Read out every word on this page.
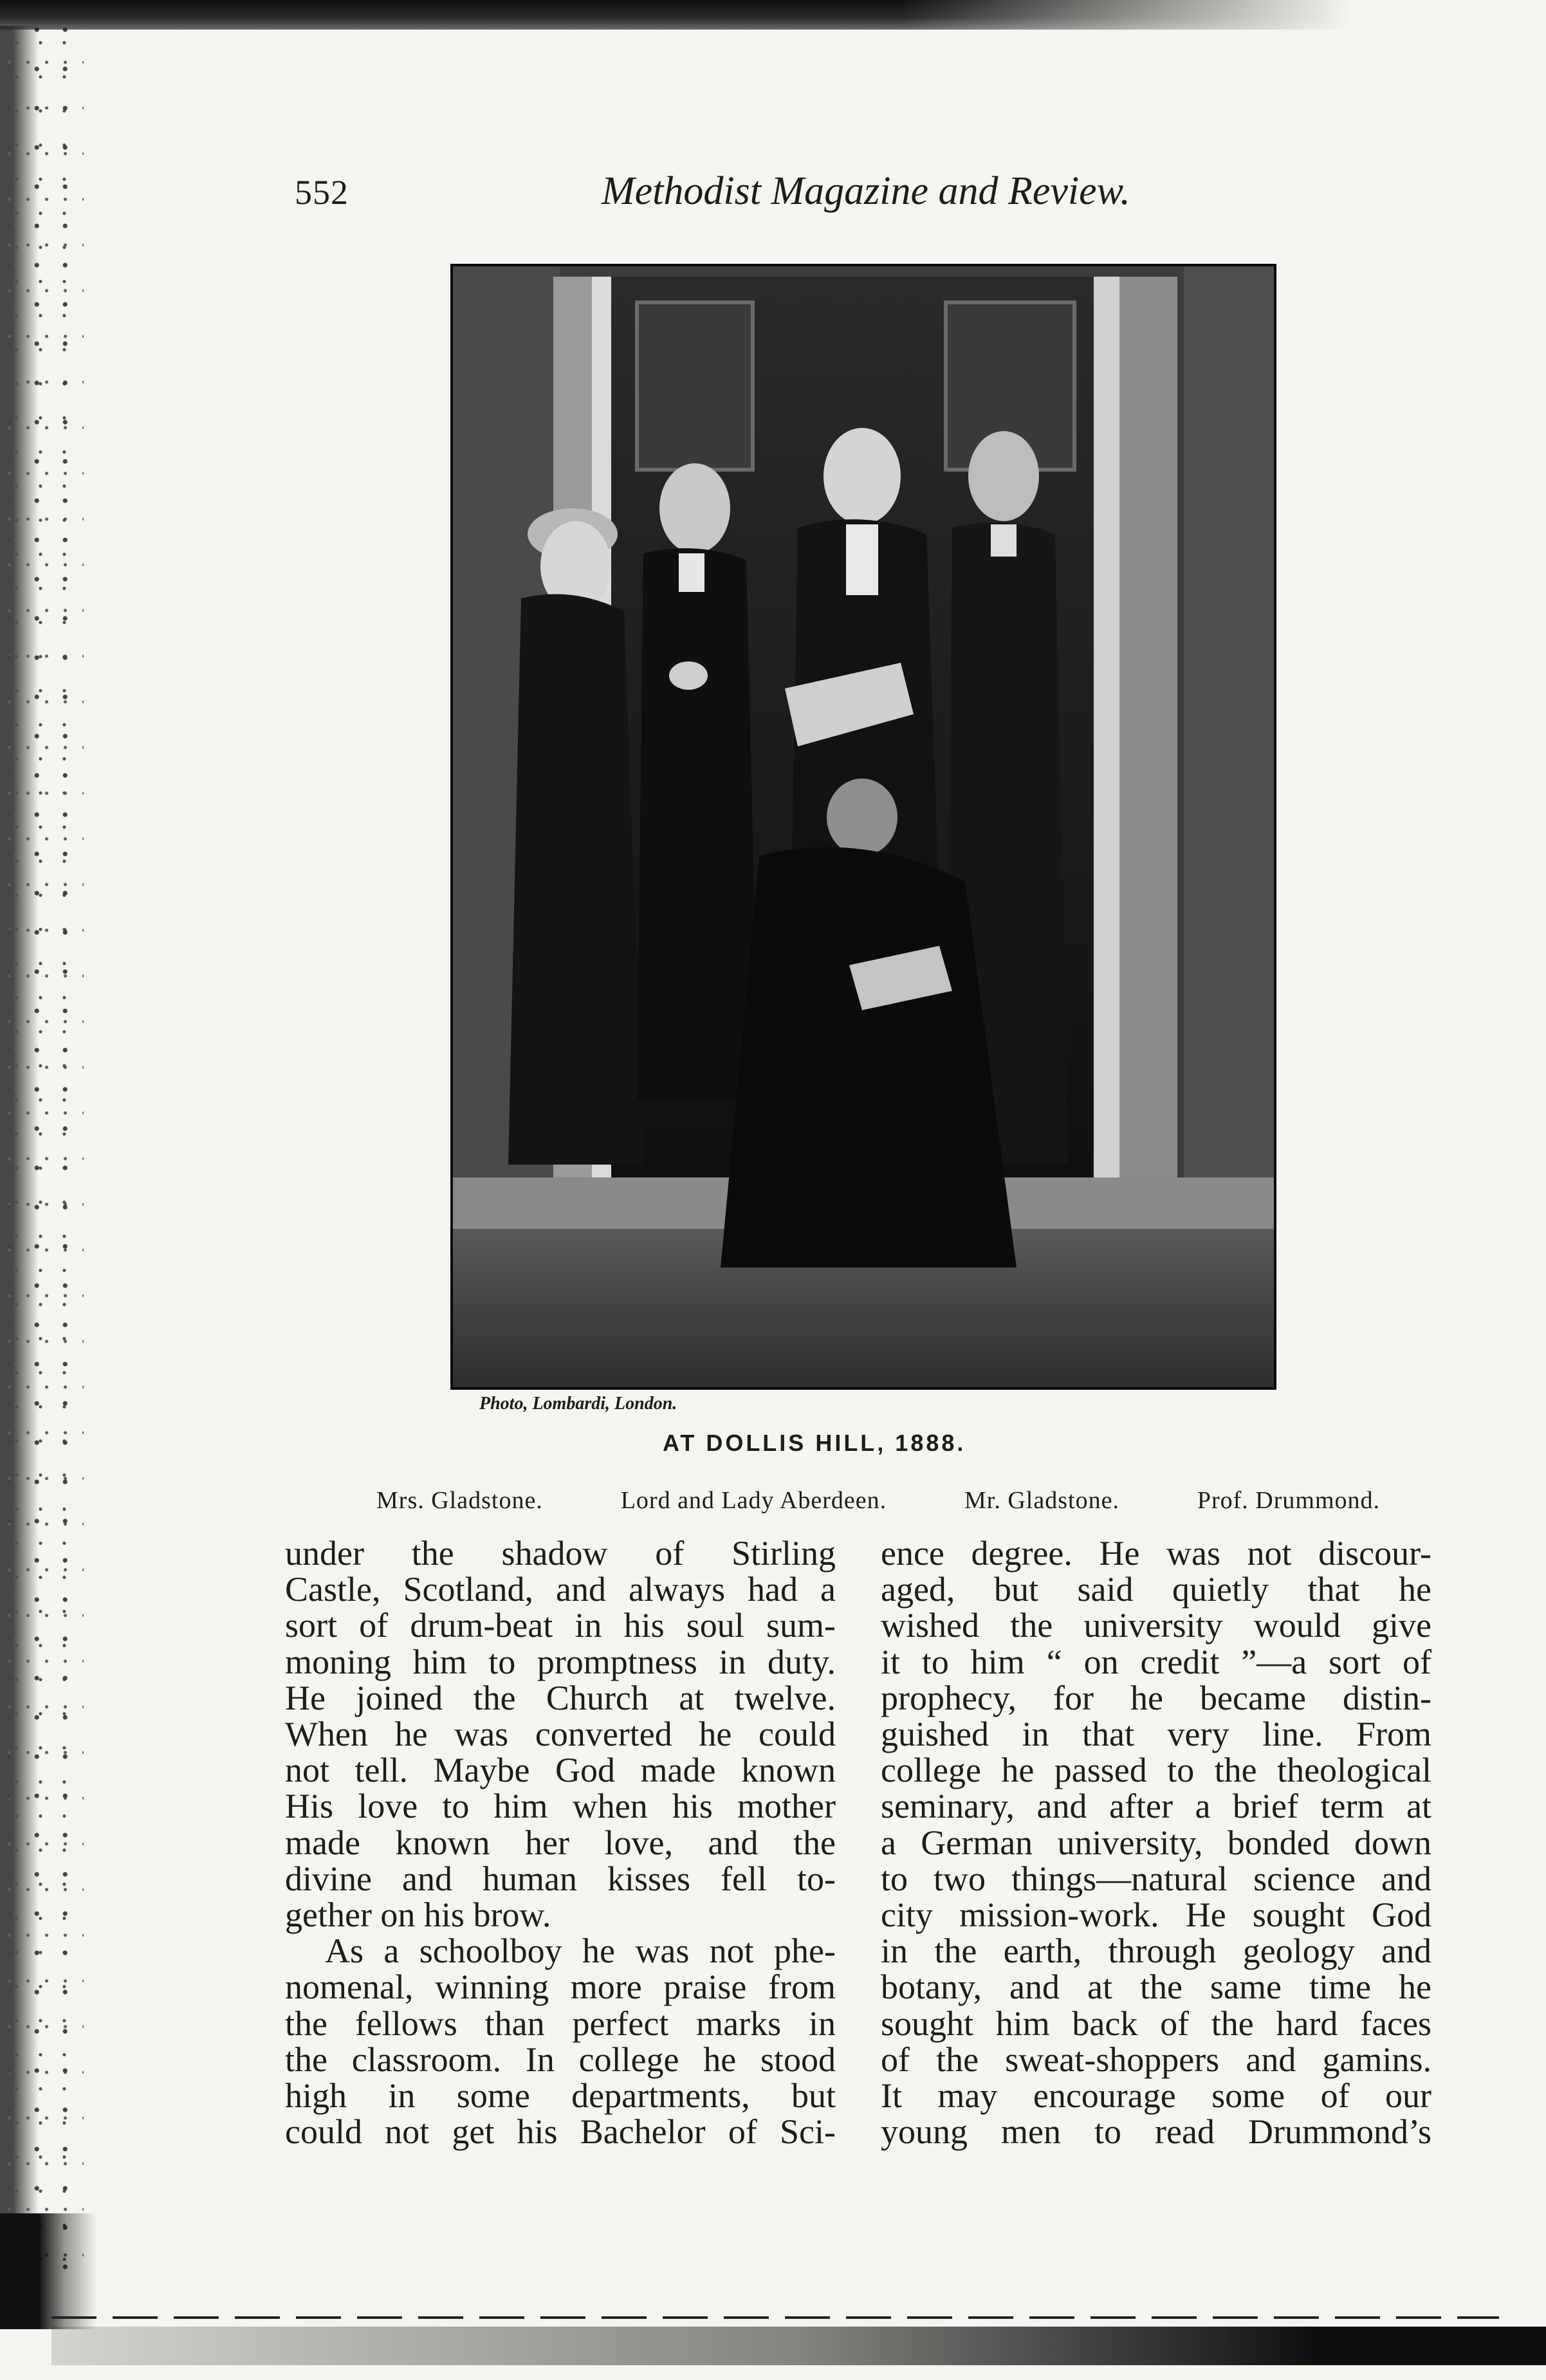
552	Methodist Magazine and Review.
Photo, Lombardi, London.
AT DOLLIS HILL, 1888.
Mrs. Gladstone.	Lord and Lady Aberdeen.	Mr. Gladstone.	Prof. Drummond.

under the shadow of Stirling
Castle, Scotland, and always had a
sort of drum-beat in his soul sum-
moning him to promptness in duty.
He joined the Church at twelve.
When he was converted he could
not tell. Maybe God made known
His love to him when his mother
made known her love, and the
divine and human kisses fell to-
gether on his brow.

As a schoolboy he was not phe-
nomenal, winning more praise from
the fellows than perfect marks in
the classroom. In college he stood
high in some departments, but
could not get his Bachelor of Sci-

ence degree. He was not discour-
aged, but said quietly that he
wished the university would give
it to him “ on credit ”—a sort of
prophecy, for he became distin-
guished in that very line. From
college he passed to the theological
seminary, and after a brief term at
a German university, bonded down
to two things—natural science and
city mission-work. He sought God
in the earth, through geology and
botany, and at the same time he
sought him back of the hard faces
of the sweat-shoppers and gamins.
It may encourage some of our
young men to read Drummond’s
